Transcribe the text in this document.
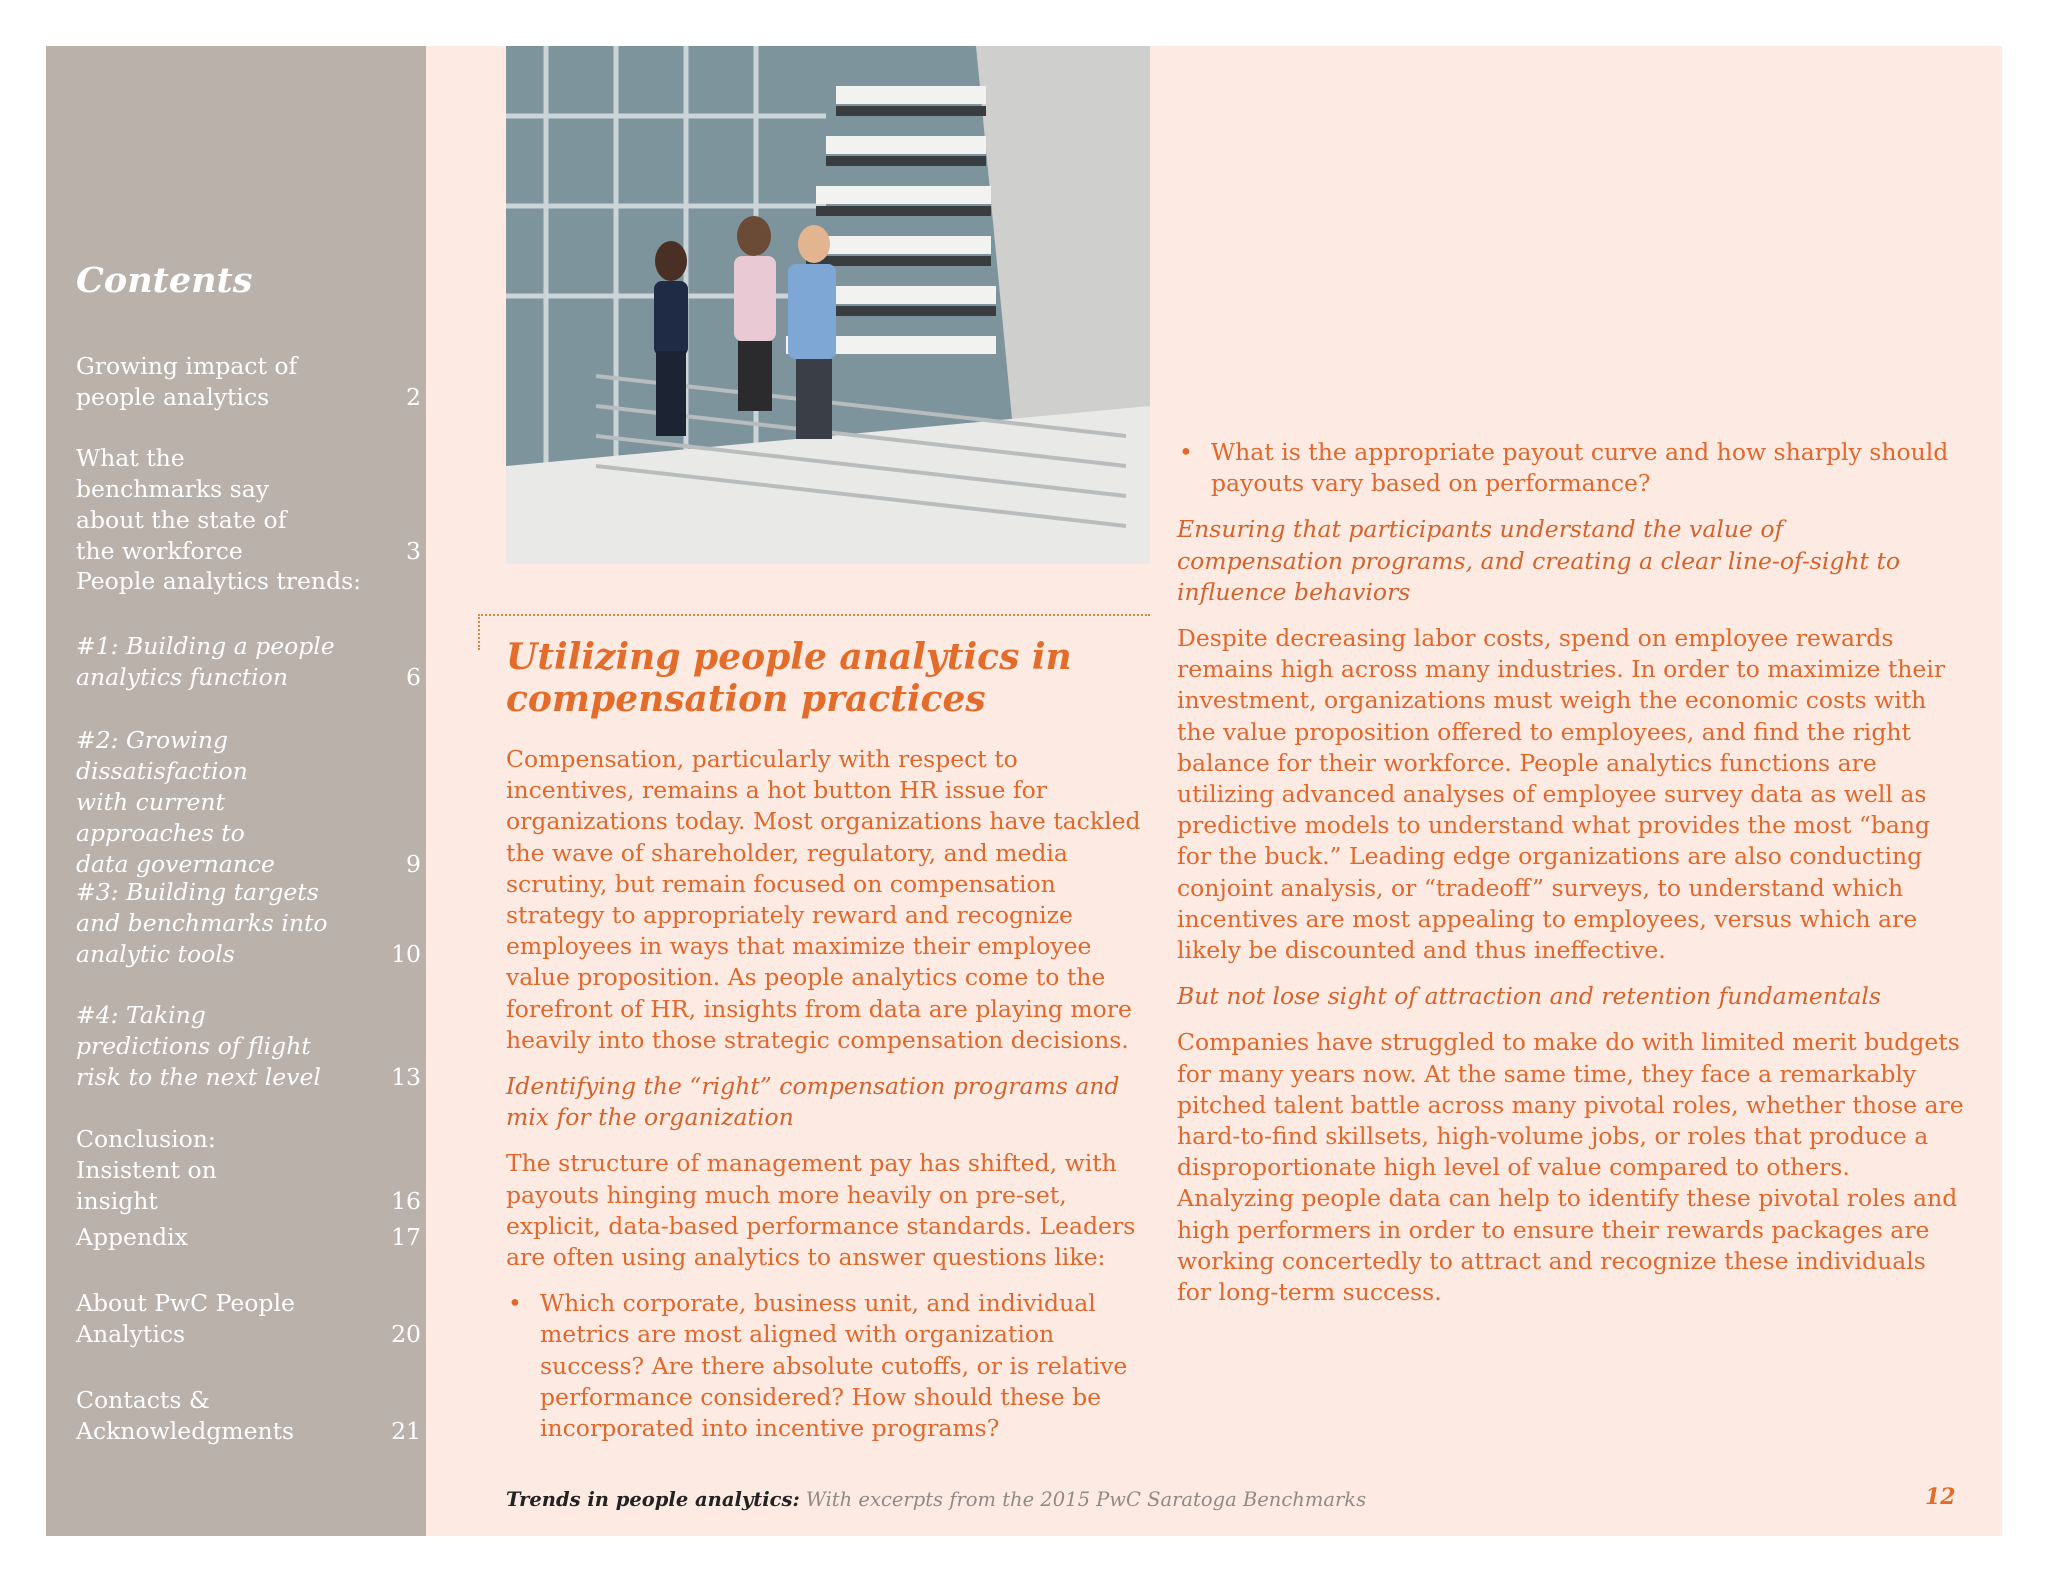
Contents
Growing impact of people analytics	2
What the benchmarks say about the state of the workforce	3
People analytics trends:
#1: Building a people analytics function	6
#2: Growing dissatisfaction with current approaches to data governance	9
#3: Building targets and benchmarks into analytic tools	10
#4: Taking predictions of flight risk to the next level	13
Conclusion: Insistent on insight	16
Appendix	17
About PwC People Analytics	20
Contacts & Acknowledgments	21
Utilizing people analytics in compensation practices

Compensation, particularly with respect to incentives, remains a hot button HR issue for organizations today. Most organizations have tackled the wave of shareholder, regulatory, and media scrutiny, but remain focused on compensation strategy to appropriately reward and recognize employees in ways that maximize their employee value proposition. As people analytics come to the forefront of HR, insights from data are playing more heavily into those strategic compensation decisions.

Identifying the “right” compensation programs and mix for the organization

The structure of management pay has shifted, with payouts hinging much more heavily on pre-set, explicit, data-based performance standards. Leaders are often using analytics to answer questions like:

• Which corporate, business unit, and individual metrics are most aligned with organization success? Are there absolute cutoffs, or is relative performance considered? How should these be incorporated into incentive programs?
• What is the appropriate payout curve and how sharply should payouts vary based on performance?

Ensuring that participants understand the value of compensation programs, and creating a clear line-of-sight to influence behaviors

Despite decreasing labor costs, spend on employee rewards remains high across many industries. In order to maximize their investment, organizations must weigh the economic costs with the value proposition offered to employees, and find the right balance for their workforce. People analytics functions are utilizing advanced analyses of employee survey data as well as predictive models to understand what provides the most “bang for the buck.” Leading edge organizations are also conducting conjoint analysis, or “tradeoff” surveys, to understand which incentives are most appealing to employees, versus which are likely be discounted and thus ineffective.

But not lose sight of attraction and retention fundamentals

Companies have struggled to make do with limited merit budgets for many years now. At the same time, they face a remarkably pitched talent battle across many pivotal roles, whether those are hard-to-find skillsets, high-volume jobs, or roles that produce a disproportionate high level of value compared to others. Analyzing people data can help to identify these pivotal roles and high performers in order to ensure their rewards packages are working concertedly to attract and recognize these individuals for long-term success.

Trends in people analytics: With excerpts from the 2015 PwC Saratoga Benchmarks	12
